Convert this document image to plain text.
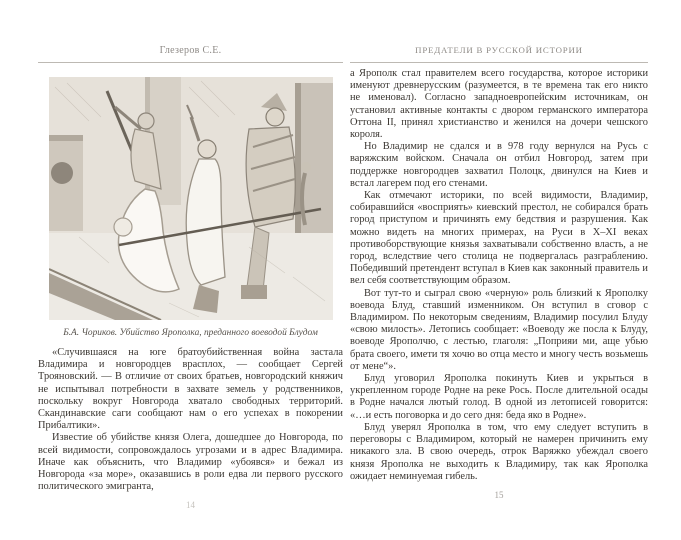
Глезеров С.Е.
Б.А. Чориков. Убийство Ярополка, преданного воеводой Блудом

«Случившаяся на юге братоубийственная война застала Владимира и новгородцев врасплох, — сообщает Сергей Трояновский. — В отличие от своих братьев, новгородский княжич не испытывал потребности в захвате земель у родственников, поскольку вокруг Новгорода хватало свободных территорий. Скандинавские саги сообщают нам о его успехах в покорении Прибалтики».

Известие об убийстве князя Олега, дошедшее до Новгорода, по всей видимости, сопровождалось угрозами и в адрес Владимира. Иначе как объяснить, что Владимир «убоявся» и бежал из Новгорода «за море», оказавшись в роли едва ли первого русского политического эмигранта,

14
ПРЕДАТЕЛИ В РУССКОЙ ИСТОРИИ

а Ярополк стал правителем всего государства, которое историки именуют древнерусским (разумеется, в те времена так его никто не именовал). Согласно западноевропейским источникам, он установил активные контакты с двором германского императора Оттона II, принял христианство и женился на дочери чешского короля.

Но Владимир не сдался и в 978 году вернулся на Русь с варяжским войском. Сначала он отбил Новгород, затем при поддержке новгородцев захватил Полоцк, двинулся на Киев и встал лагерем под его стенами.

Как отмечают историки, по всей видимости, Владимир, собиравшийся «восприять» киевский престол, не собирался брать город приступом и причинять ему бедствия и разрушения. Как можно видеть на многих примерах, на Руси в X–XI веках противоборствующие князья захватывали собственно власть, а не город, вследствие чего столица не подвергалась разграблению. Победивший претендент вступал в Киев как законный правитель и вел себя соответствующим образом.

Вот тут-то и сыграл свою «черную» роль близкий к Ярополку воевода Блуд, ставший изменником. Он вступил в сговор с Владимиром. По некоторым сведениям, Владимир посулил Блуду «свою милость». Летопись сообщает: «Воеводу же посла к Блуду, воеводе Ярополчю, с лестью, глаголя: „Поприяи ми, аще убью брата своего, имети тя хочю во отца место и многу честь возьмешь от мене“».

Блуд уговорил Ярополка покинуть Киев и укрыться в укрепленном городе Родне на реке Рось. После длительной осады в Родне начался лютый голод. В одной из летописей говорится: «…и есть поговорка и до сего дня: беда яко в Родне».

Блуд уверял Ярополка в том, что ему следует вступить в переговоры с Владимиром, который не намерен причинить ему никакого зла. В свою очередь, отрок Варяжко убеждал своего князя Ярополка не выходить к Владимиру, так как Ярополка ожидает неминуемая гибель.

15
